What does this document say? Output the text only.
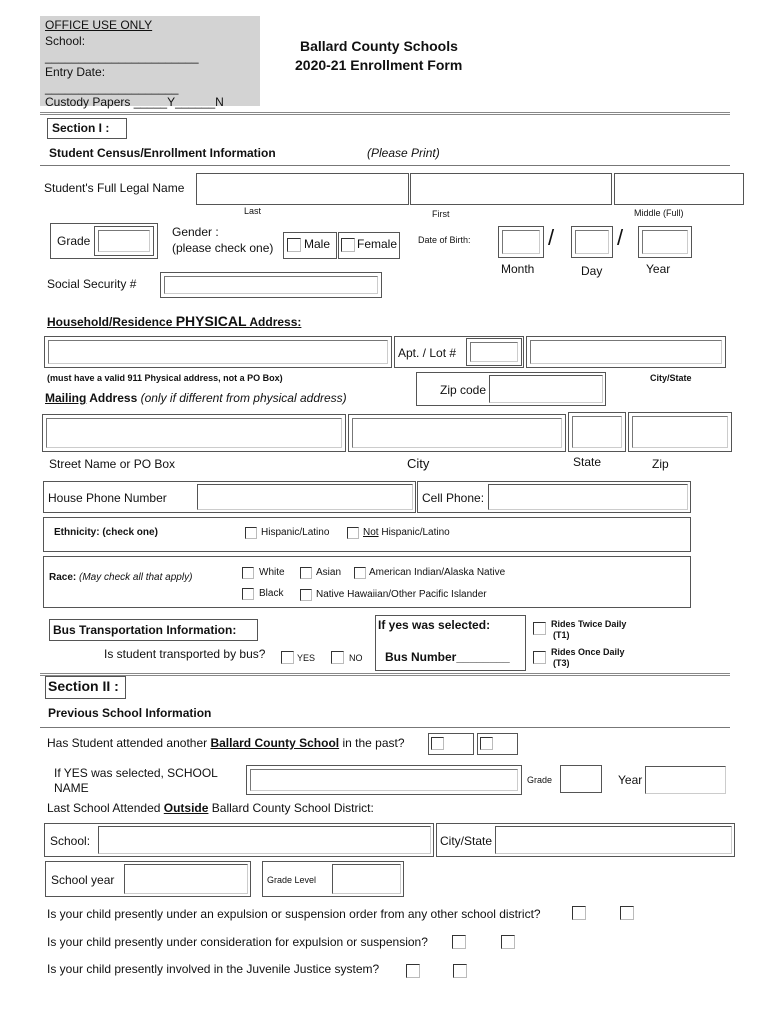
OFFICE USE ONLY
School:
_______________________
Entry Date:
____________________
Custody Papers _____Y______N
Ballard County Schools
2020-21 Enrollment Form
Section I :
Student Census/Enrollment Information	(Please Print)
Student's Full Legal Name
Last	First	Middle (Full)
Grade
Gender :
(please check one)	Male Female Date of Birth:	/	/
Month	Day	Year
Social Security #
Household/Residence PHYSICAL Address:
Apt. / Lot #
(must have a valid 911 Physical address, not a PO Box)	City/State
Zip code
Mailing Address (only if different from physical address)
Street Name or PO Box	City	State	Zip
House Phone Number	Cell Phone:
Ethnicity: (check one)	Hispanic/Latino	Not Hispanic/Latino
Race: (May check all that apply)	White	Asian	American Indian/Alaska Native
Black	Native Hawaiian/Other Pacific Islander
Bus Transportation Information:
Is student transported by bus?	YES	NO
If yes was selected:
Bus Number________
Rides Twice Daily
(T1)
Rides Once Daily
(T3)
Section II :
Previous School Information
Has Student attended another Ballard County School in the past?
If YES was selected, SCHOOL
NAME
Grade	Year
Last School Attended Outside Ballard County School District:
School:	City/State
School year	Grade Level
Is your child presently under an expulsion or suspension order from any other school district?
Is your child presently under consideration for expulsion or suspension?
Is your child presently involved in the Juvenile Justice system?
